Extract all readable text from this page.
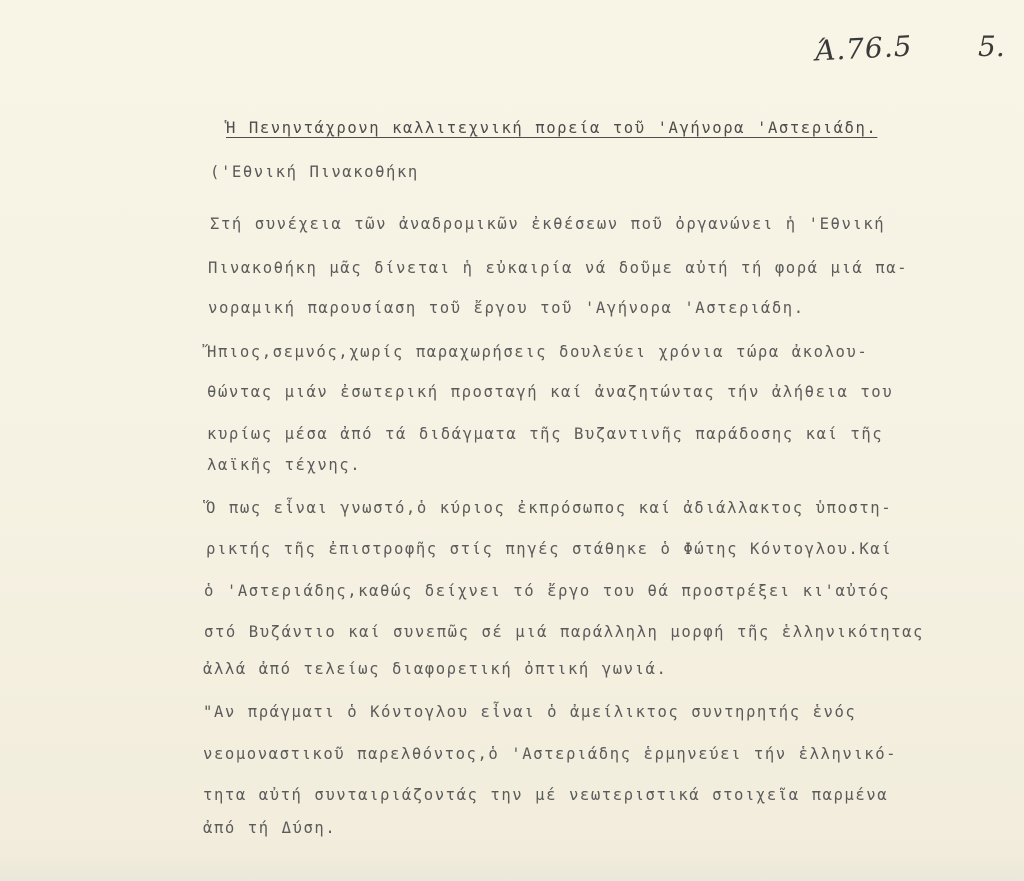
Ά.76.5 5.
Ἡ Πενηντάχρονη καλλιτεχνική πορεία τοῦ 'Αγήνορα 'Αστεριάδη.
('Εθνική Πινακοθήκη
Στή συνέχεια τῶν ἀναδρομικῶν ἐκθέσεων ποῦ ὀργανώνει ἡ 'Εθνική
Πινακοθήκη μᾶς δίνεται ἡ εὐκαιρία νά δοῦμε αὐτή τή φορά μιά πα-
νοραμική παρουσίαση τοῦ ἔργου τοῦ 'Αγήνορα 'Αστεριάδη.
Ἤπιος,σεμνός,χωρίς παραχωρήσεις δουλεύει χρόνια τώρα ἀκολου-
θώντας μιάν ἐσωτερική προσταγή καί ἀναζητώντας τήν ἀλήθεια του
κυρίως μέσα ἀπό τά διδάγματα τῆς Βυζαντινῆς παράδοσης καί τῆς
λαϊκῆς τέχνης.
Ὅ πως εἶναι γνωστό,ὁ κύριος ἐκπρόσωπος καί ἀδιάλλακτος ὑποστη-
ρικτής τῆς ἐπιστροφῆς στίς πηγές στάθηκε ὁ Φώτης Κόντογλου.Καί
ὁ 'Αστεριάδης,καθώς δείχνει τό ἔργο του θά προστρέξει κι'αὐτός
στό Βυζάντιο καί συνεπῶς σέ μιά παράλληλη μορφή τῆς ἑλληνικότητας
ἀλλά ἀπό τελείως διαφορετική ὀπτική γωνιά.
"Αν πράγματι ὁ Κόντογλου εἶναι ὁ ἀμείλικτος συντηρητής ἑνός
νεομοναστικοῦ παρελθόντος,ὁ 'Αστεριάδης ἑρμηνεύει τήν ἑλληνικό-
τητα αὐτή συνταιριάζοντάς την μέ νεωτεριστικά στοιχεῖα παρμένα
ἀπό τή Δύση.
